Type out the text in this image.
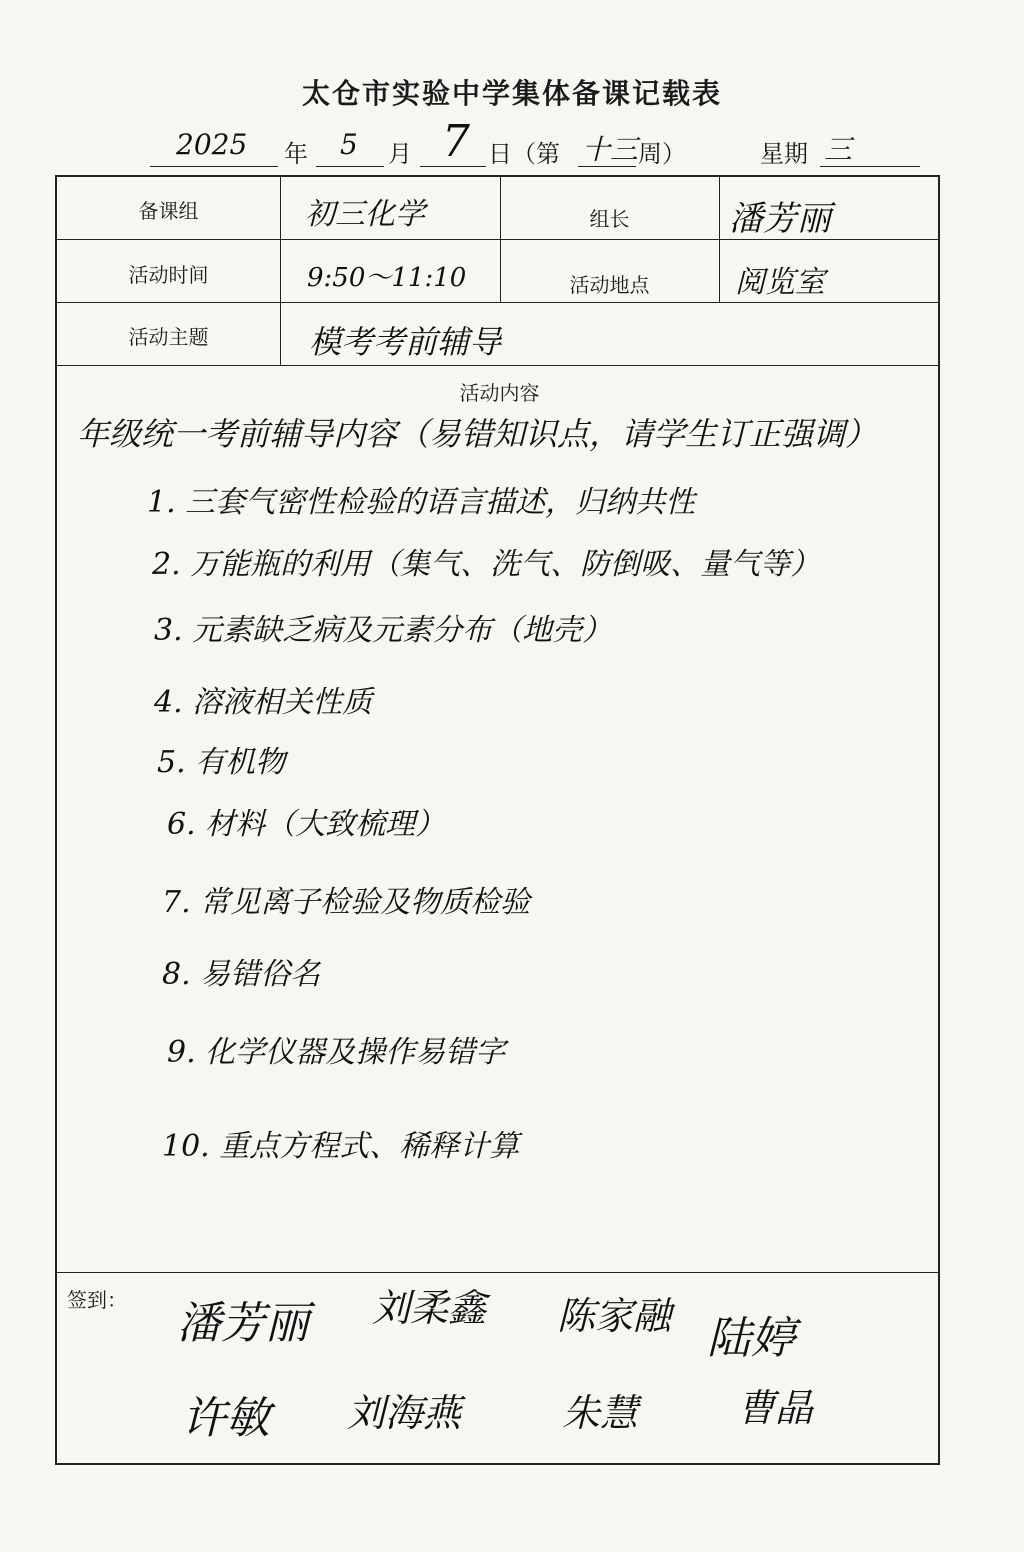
太仓市实验中学集体备课记载表
2025 年 5 月 7 日（第 十三 周）	星期 三
备课组	初三化学	组长	潘芳丽
活动时间	9:50～11:10	活动地点	阅览室
活动主题	模考考前辅导
活动内容
年级统一考前辅导内容（易错知识点，请学生订正强调）
1. 三套气密性检验的语言描述，归纳共性
2. 万能瓶的利用（集气、洗气、防倒吸、量气等）
3. 元素缺乏病及元素分布（地壳）
4. 溶液相关性质
5. 有机物
6. 材料（大致梳理）
7. 常见离子检验及物质检验
8. 易错俗名
9. 化学仪器及操作易错字
10. 重点方程式、稀释计算
签到： 潘芳丽 刘柔鑫 陈家融 陆婷
许敏 刘海燕	朱慧	曹晶
